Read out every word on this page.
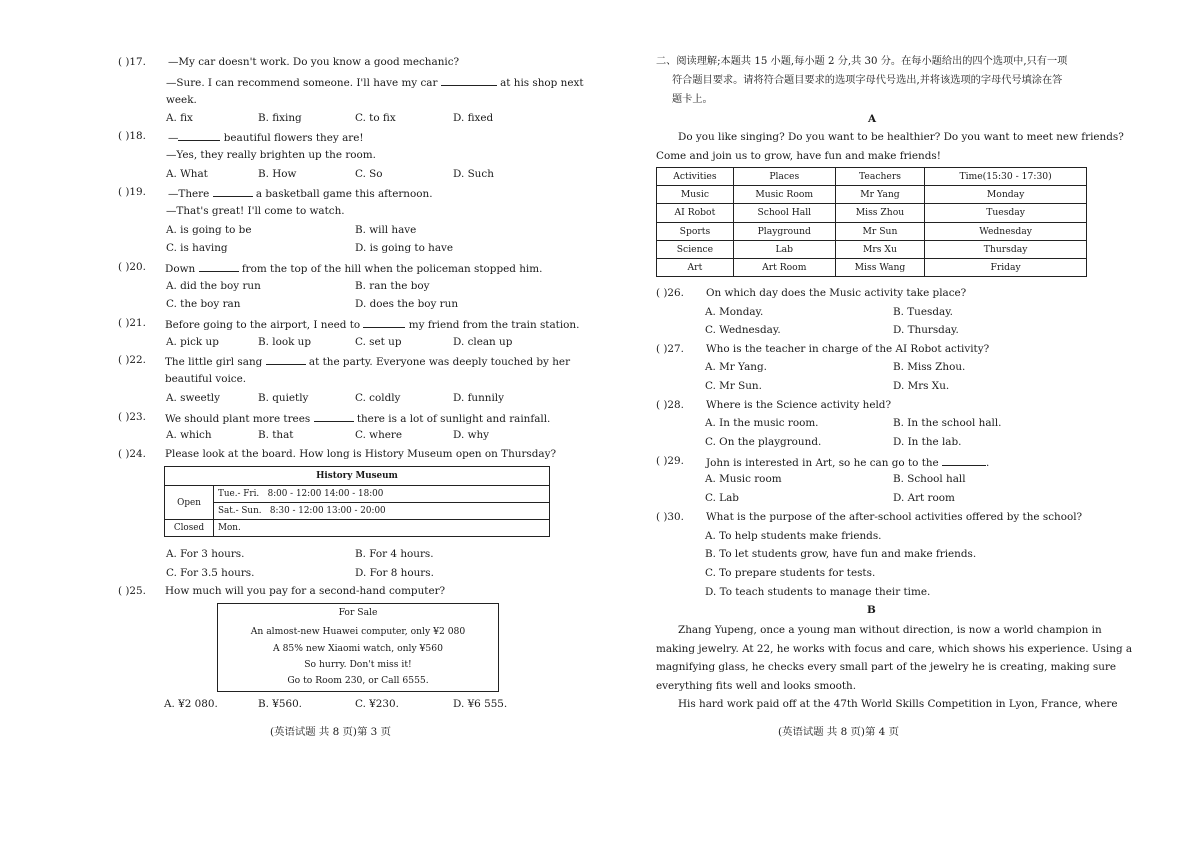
( )17. —My car doesn't work. Do you know a good mechanic?
—Sure. I can recommend someone. I'll have my car	at his shop next
week.
A. fix	B. fixing	C. to fix	D. fixed
( )18. —	beautiful flowers they are!
—Yes, they really brighten up the room.
A. What	B. How	C. So	D. Such
( )19. —There	a basketball game this afternoon.
—That's great! I'll come to watch.
A. is going to be	B. will have
C. is having	D. is going to have
( )20. Down	from the top of the hill when the policeman stopped him.
A. did the boy run	B. ran the boy
C. the boy ran	D. does the boy run
( )21. Before going to the airport, I need to	my friend from the train station.
A. pick up	B. look up	C. set up	D. clean up
( )22. The little girl sang	at the party. Everyone was deeply touched by her
beautiful voice.
A. sweetly	B. quietly	C. coldly	D. funnily
( )23. We should plant more trees	there is a lot of sunlight and rainfall.
A. which	B. that	C. where	D. why
( )24. Please look at the board. How long is History Museum open on Thursday?
History Museum	
Open	Tue.- Fri. 8:00 - 12:00 14:00 - 18:00
	Sat.- Sun. 8:30 - 12:00 13:00 - 20:00
Closed	Mon.
A. For 3 hours.	B. For 4 hours.
C. For 3.5 hours.	D. For 8 hours.
( )25. How much will you pay for a second-hand computer?
For Sale
An almost-new Huawei computer, only ¥2 080
A 85% new Xiaomi watch, only ¥560
So hurry. Don't miss it!
Go to Room 230, or Call 6555.
A. ¥2 080.	B. ¥560.	C. ¥230.	D. ¥6 555.
(英语试题 共 8 页)第 3 页
二、阅读理解;本题共 15 小题,每小题 2 分,共 30 分。在每小题给出的四个选项中,只有一项
符合题目要求。请将符合题目要求的选项字母代号选出,并将该选项的字母代号填涂在答
题卡上。
A
Do you like singing? Do you want to be healthier? Do you want to meet new friends?
Come and join us to grow, have fun and make friends!
Activities	Places	Teachers	Time(15:30 - 17:30)
Music	Music Room	Mr Yang	Monday
AI Robot	School Hall	Miss Zhou	Tuesday
Sports	Playground	Mr Sun	Wednesday
Science	Lab	Mrs Xu	Thursday
Art	Art Room	Miss Wang	Friday
( )26. On which day does the Music activity take place?
A. Monday.	B. Tuesday.
C. Wednesday.	D. Thursday.
( )27. Who is the teacher in charge of the AI Robot activity?
A. Mr Yang.	B. Miss Zhou.
C. Mr Sun.	D. Mrs Xu.
( )28. Where is the Science activity held?
A. In the music room.	B. In the school hall.
C. On the playground.	D. In the lab.
( )29. John is interested in Art, so he can go to the	.
A. Music room	B. School hall
C. Lab	D. Art room
( )30. What is the purpose of the after-school activities offered by the school?
A. To help students make friends.
B. To let students grow, have fun and make friends.
C. To prepare students for tests.
D. To teach students to manage their time.
B
Zhang Yupeng, once a young man without direction, is now a world champion in
making jewelry. At 22, he works with focus and care, which shows his experience. Using a
magnifying glass, he checks every small part of the jewelry he is creating, making sure
everything fits well and looks smooth.
His hard work paid off at the 47th World Skills Competition in Lyon, France, where
(英语试题 共 8 页)第 4 页
